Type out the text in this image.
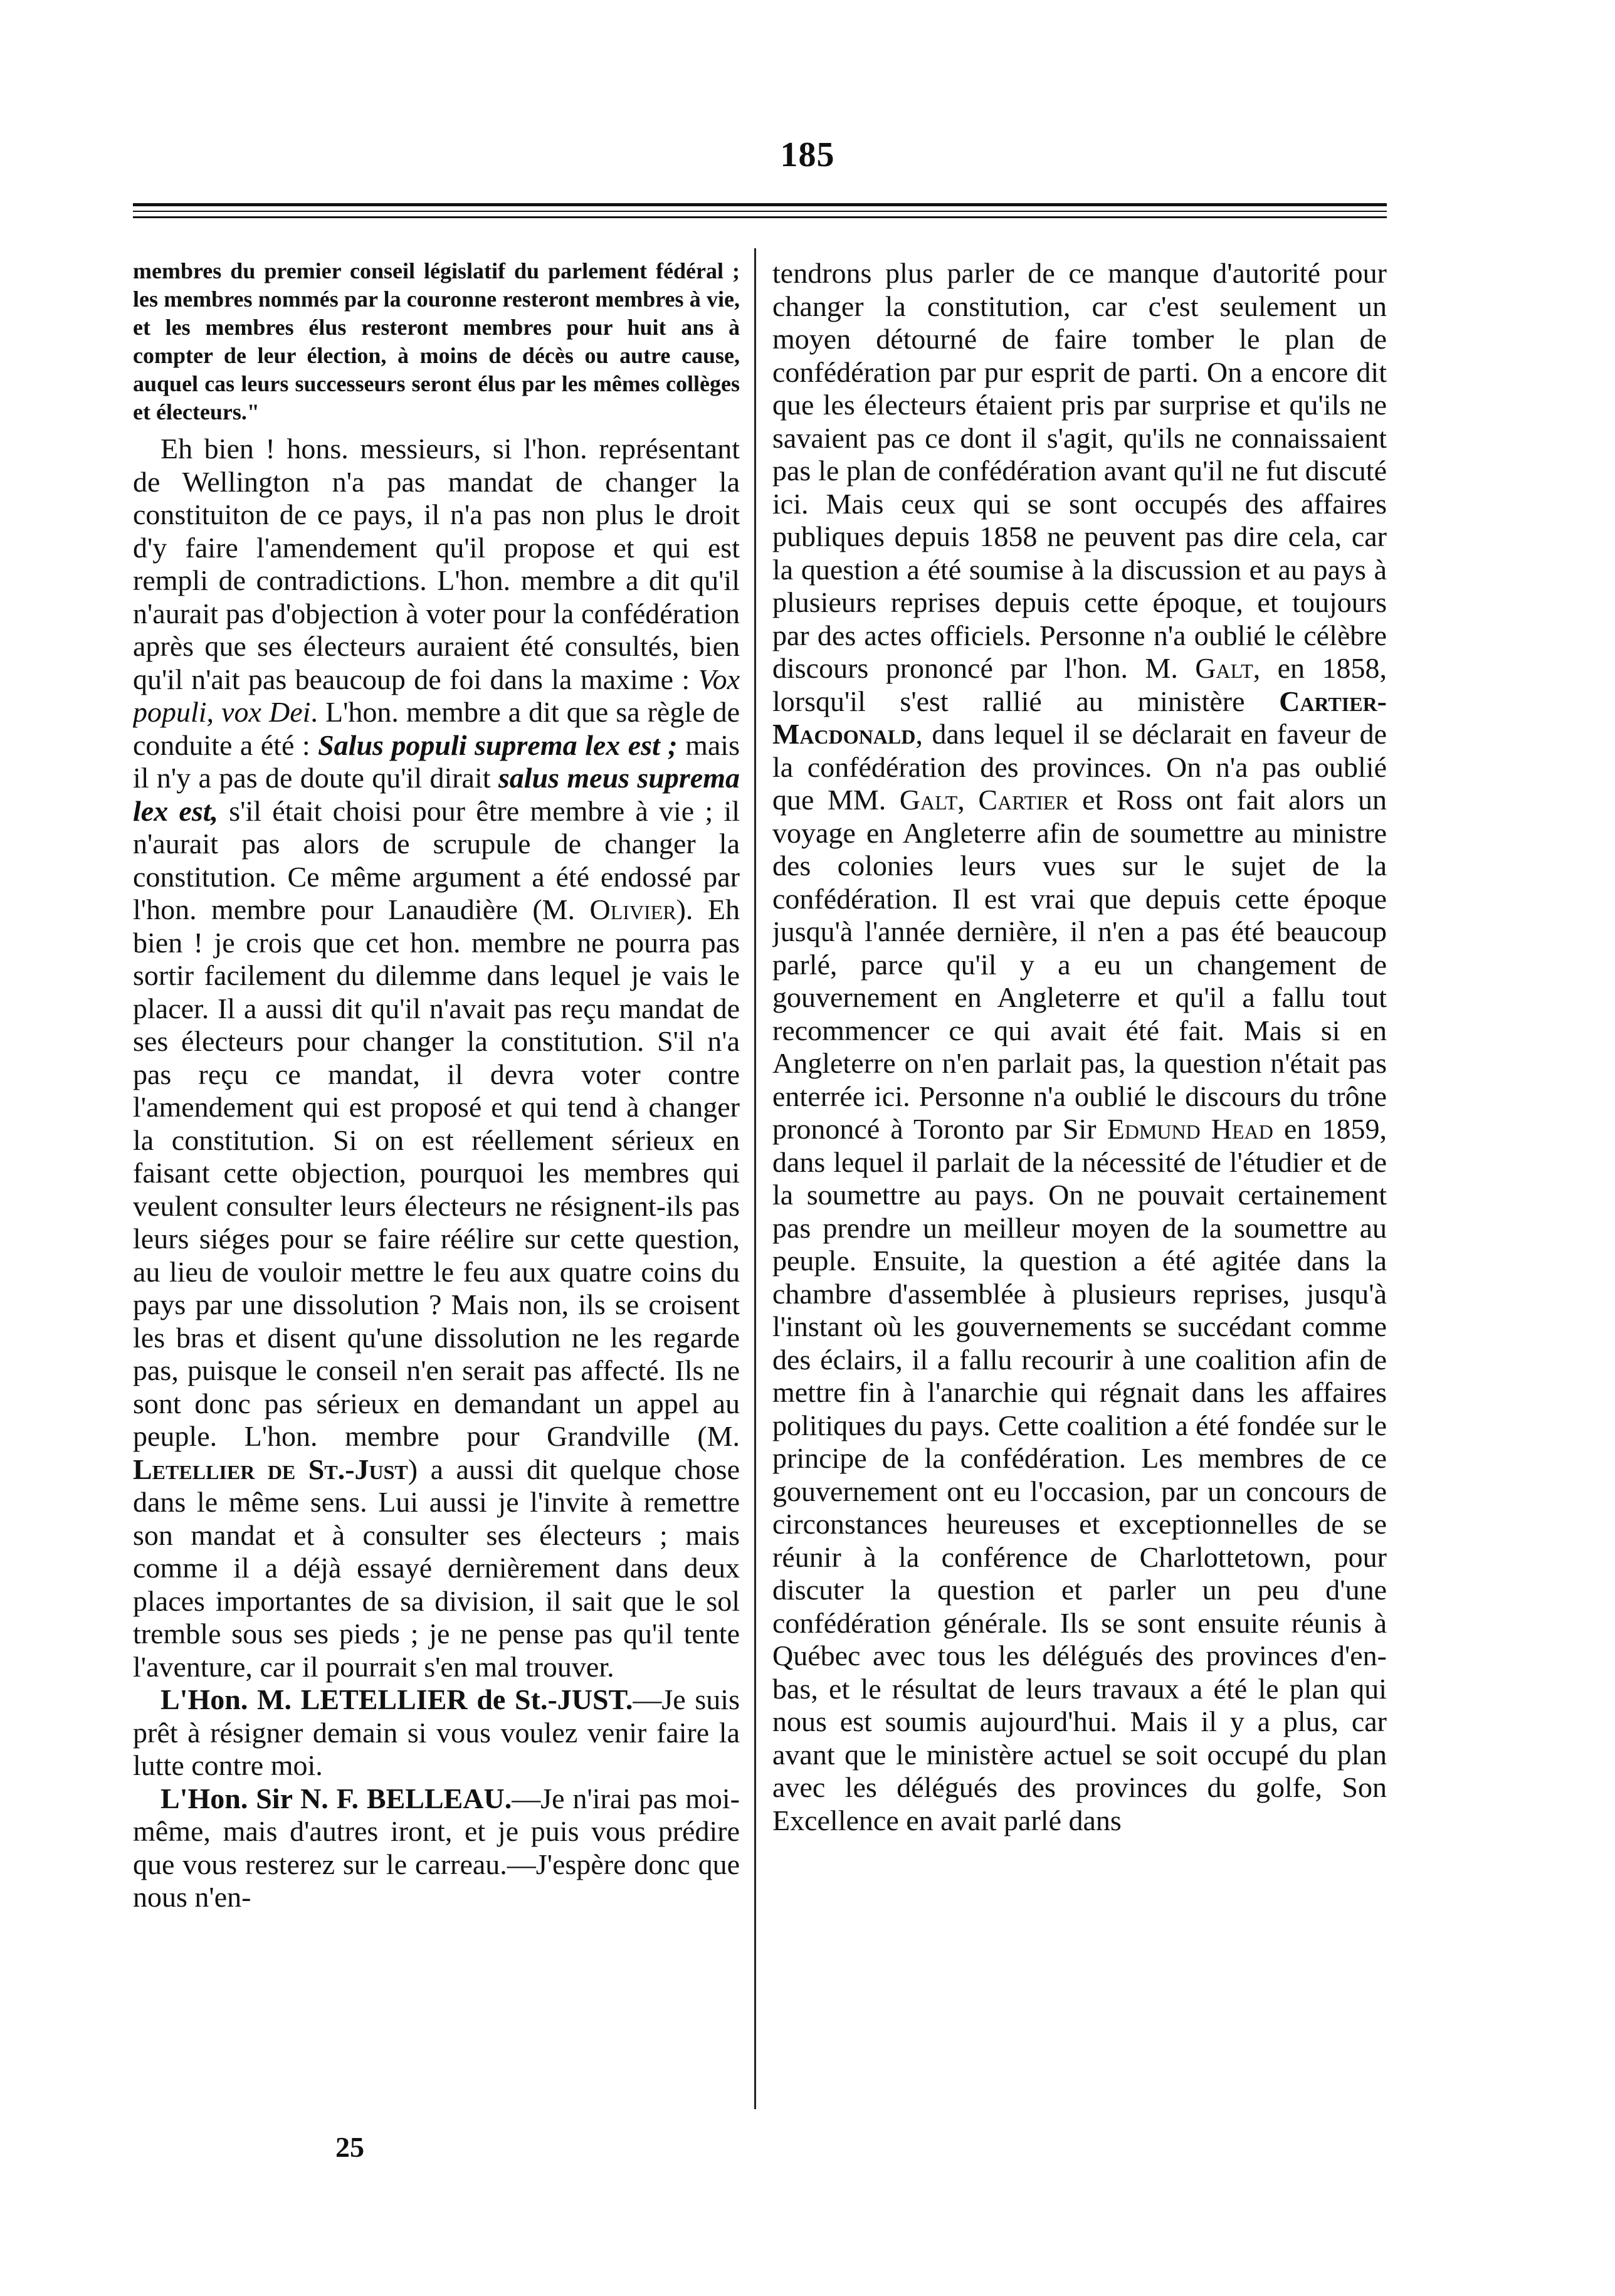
185

membres du premier conseil législatif du parlement fédéral ; les membres nommés par la couronne resteront membres à vie, et les membres élus resteront membres pour huit ans à compter de leur élection, à moins de décès ou autre cause, auquel cas leurs successeurs seront élus par les mêmes collèges et électeurs."

Eh bien ! hons. messieurs, si l'hon. représentant de Wellington n'a pas mandat de changer la constituiton de ce pays, il n'a pas non plus le droit d'y faire l'amendement qu'il propose et qui est rempli de contradictions. L'hon. membre a dit qu'il n'aurait pas d'objection à voter pour la confédération après que ses électeurs auraient été consultés, bien qu'il n'ait pas beaucoup de foi dans la maxime : Vox populi, vox Dei. L'hon. membre a dit que sa règle de conduite a été : Salus populi suprema lex est ; mais il n'y a pas de doute qu'il dirait salus meus suprema lex est, s'il était choisi pour être membre à vie ; il n'aurait pas alors de scrupule de changer la constitution. Ce même argument a été endossé par l'hon. membre pour Lanaudière (M. Olivier). Eh bien ! je crois que cet hon. membre ne pourra pas sortir facilement du dilemme dans lequel je vais le placer. Il a aussi dit qu'il n'avait pas reçu mandat de ses électeurs pour changer la constitution. S'il n'a pas reçu ce mandat, il devra voter contre l'amendement qui est proposé et qui tend à changer la constitution. Si on est réellement sérieux en faisant cette objection, pourquoi les membres qui veulent consulter leurs électeurs ne résignent-ils pas leurs siéges pour se faire réélire sur cette question, au lieu de vouloir mettre le feu aux quatre coins du pays par une dissolution ? Mais non, ils se croisent les bras et disent qu'une dissolution ne les regarde pas, puisque le conseil n'en serait pas affecté. Ils ne sont donc pas sérieux en demandant un appel au peuple. L'hon. membre pour Grandville (M. Letellier de St.-Just) a aussi dit quelque chose dans le même sens. Lui aussi je l'invite à remettre son mandat et à consulter ses électeurs ; mais comme il a déjà essayé dernièrement dans deux places importantes de sa division, il sait que le sol tremble sous ses pieds ; je ne pense pas qu'il tente l'aventure, car il pourrait s'en mal trouver.

L'Hon. M. LETELLIER de St.-JUST.—Je suis prêt à résigner demain si vous voulez venir faire la lutte contre moi.

L'Hon. Sir N. F. BELLEAU.—Je n'irai pas moi-même, mais d'autres iront, et je puis vous prédire que vous resterez sur le carreau.—J'espère donc que nous n'en-

tendrons plus parler de ce manque d'autorité pour changer la constitution, car c'est seulement un moyen détourné de faire tomber le plan de confédération par pur esprit de parti. On a encore dit que les électeurs étaient pris par surprise et qu'ils ne savaient pas ce dont il s'agit, qu'ils ne connaissaient pas le plan de confédération avant qu'il ne fut discuté ici. Mais ceux qui se sont occupés des affaires publiques depuis 1858 ne peuvent pas dire cela, car la question a été soumise à la discussion et au pays à plusieurs reprises depuis cette époque, et toujours par des actes officiels. Personne n'a oublié le célèbre discours prononcé par l'hon. M. Galt, en 1858, lorsqu'il s'est rallié au ministère Cartier-Macdonald, dans lequel il se déclarait en faveur de la confédération des provinces. On n'a pas oublié que MM. Galt, Cartier et Ross ont fait alors un voyage en Angleterre afin de soumettre au ministre des colonies leurs vues sur le sujet de la confédération. Il est vrai que depuis cette époque jusqu'à l'année dernière, il n'en a pas été beaucoup parlé, parce qu'il y a eu un changement de gouvernement en Angleterre et qu'il a fallu tout recommencer ce qui avait été fait. Mais si en Angleterre on n'en parlait pas, la question n'était pas enterrée ici. Personne n'a oublié le discours du trône prononcé à Toronto par Sir Edmund Head en 1859, dans lequel il parlait de la nécessité de l'étudier et de la soumettre au pays. On ne pouvait certainement pas prendre un meilleur moyen de la soumettre au peuple. Ensuite, la question a été agitée dans la chambre d'assemblée à plusieurs reprises, jusqu'à l'instant où les gouvernements se succédant comme des éclairs, il a fallu recourir à une coalition afin de mettre fin à l'anarchie qui régnait dans les affaires politiques du pays. Cette coalition a été fondée sur le principe de la confédération. Les membres de ce gouvernement ont eu l'occasion, par un concours de circonstances heureuses et exceptionnelles de se réunir à la conférence de Charlottetown, pour discuter la question et parler un peu d'une confédération générale. Ils se sont ensuite réunis à Québec avec tous les délégués des provinces d'en-bas, et le résultat de leurs travaux a été le plan qui nous est soumis aujourd'hui. Mais il y a plus, car avant que le ministère actuel se soit occupé du plan avec les délégués des provinces du golfe, Son Excellence en avait parlé dans

25
